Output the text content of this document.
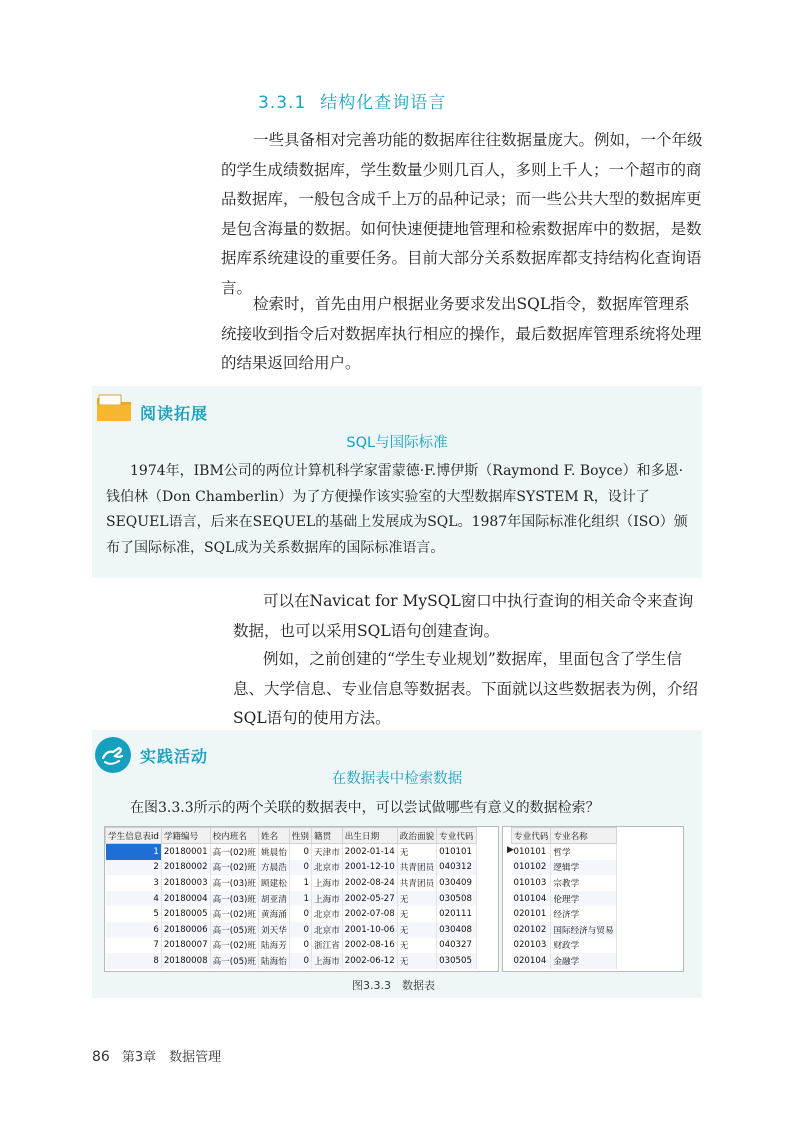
3.3.1 结构化查询语言

一些具备相对完善功能的数据库往往数据量庞大。例如，一个年级的学生成绩数据库，学生数量少则几百人，多则上千人；一个超市的商品数据库，一般包含成千上万的品种记录；而一些公共大型的数据库更是包含海量的数据。如何快速便捷地管理和检索数据库中的数据，是数据库系统建设的重要任务。目前大部分关系数据库都支持结构化查询语言。

检索时，首先由用户根据业务要求发出SQL指令，数据库管理系统接收到指令后对数据库执行相应的操作，最后数据库管理系统将处理的结果返回给用户。

阅读拓展
SQL与国际标准

1974年，IBM公司的两位计算机科学家雷蒙德·F.博伊斯（Raymond F. Boyce）和多恩·钱伯林（Don Chamberlin）为了方便操作该实验室的大型数据库SYSTEM R，设计了SEQUEL语言，后来在SEQUEL的基础上发展成为SQL。1987年国际标准化组织（ISO）颁布了国际标准，SQL成为关系数据库的国际标准语言。

可以在Navicat for MySQL窗口中执行查询的相关命令来查询数据，也可以采用SQL语句创建查询。

例如，之前创建的“学生专业规划”数据库，里面包含了学生信息、大学信息、专业信息等数据表。下面就以这些数据表为例，介绍SQL语句的使用方法。

实践活动
在数据表中检索数据
在图3.3.3所示的两个关联的数据表中，可以尝试做哪些有意义的数据检索？
学生信息表id	学籍编号	校内班名	姓名	性别	籍贯	出生日期	政治面貌	专业代码
1	20180001	高一(02)班	姚晨怡	0	天津市	2002-01-14	无	010101
2	20180002	高一(02)班	方晨浩	0	北京市	2001-12-10	共青团员	040312
3	20180003	高一(03)班	顾建松	1	上海市	2002-08-24	共青团员	030409
4	20180004	高一(03)班	胡亚清	1	上海市	2002-05-27	无	030508
5	20180005	高一(02)班	黄海涌	0	北京市	2002-07-08	无	020111
6	20180006	高一(05)班	刘天华	0	北京市	2001-10-06	无	030408
7	20180007	高一(02)班	陆海芳	0	浙江省	2002-08-16	无	040327
8	20180008	高一(05)班	陆海怡	0	上海市	2002-06-12	无	030505
专业代码	专业名称
010101	哲学
010102	逻辑学
010103	宗教学
010104	伦理学
020101	经济学
020102	国际经济与贸易
020103	财政学
020104	金融学
▶
图3.3.3　数据表
86 第3章　数据管理
